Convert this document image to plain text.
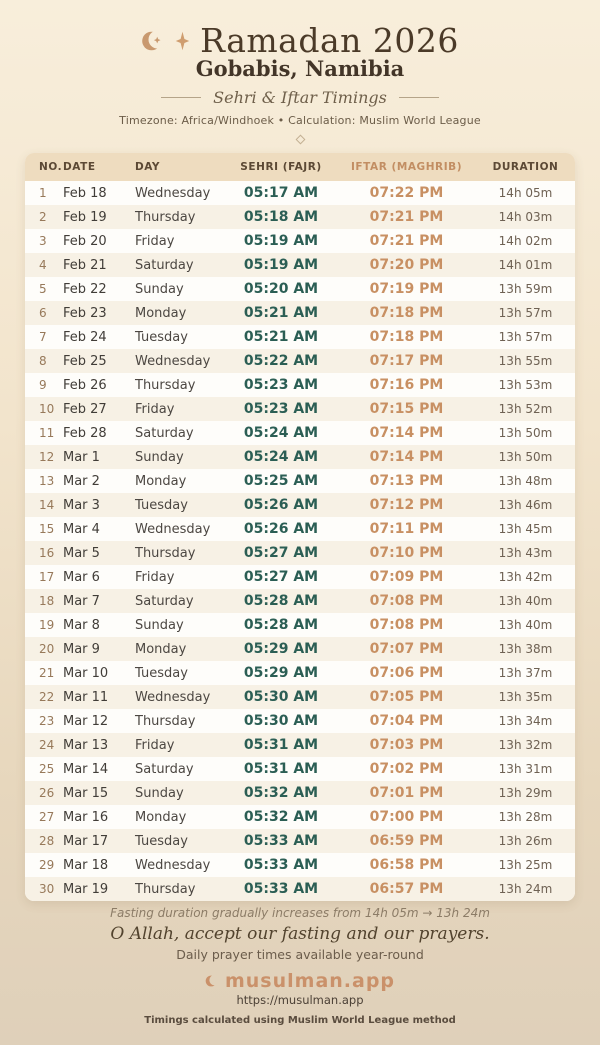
Ramadan 2026
Gobabis, Namibia
Sehri & Iftar Timings
Timezone: Africa/Windhoek • Calculation: Muslim World League
NO.	DATE	DAY	SEHRI (FAJR)	IFTAR (MAGHRIB)	DURATION
1	Feb 18	Wednesday	05:17 AM	07:22 PM	14h 05m
2	Feb 19	Thursday	05:18 AM	07:21 PM	14h 03m
3	Feb 20	Friday	05:19 AM	07:21 PM	14h 02m
4	Feb 21	Saturday	05:19 AM	07:20 PM	14h 01m
5	Feb 22	Sunday	05:20 AM	07:19 PM	13h 59m
6	Feb 23	Monday	05:21 AM	07:18 PM	13h 57m
7	Feb 24	Tuesday	05:21 AM	07:18 PM	13h 57m
8	Feb 25	Wednesday	05:22 AM	07:17 PM	13h 55m
9	Feb 26	Thursday	05:23 AM	07:16 PM	13h 53m
10	Feb 27	Friday	05:23 AM	07:15 PM	13h 52m
11	Feb 28	Saturday	05:24 AM	07:14 PM	13h 50m
12	Mar 1	Sunday	05:24 AM	07:14 PM	13h 50m
13	Mar 2	Monday	05:25 AM	07:13 PM	13h 48m
14	Mar 3	Tuesday	05:26 AM	07:12 PM	13h 46m
15	Mar 4	Wednesday	05:26 AM	07:11 PM	13h 45m
16	Mar 5	Thursday	05:27 AM	07:10 PM	13h 43m
17	Mar 6	Friday	05:27 AM	07:09 PM	13h 42m
18	Mar 7	Saturday	05:28 AM	07:08 PM	13h 40m
19	Mar 8	Sunday	05:28 AM	07:08 PM	13h 40m
20	Mar 9	Monday	05:29 AM	07:07 PM	13h 38m
21	Mar 10	Tuesday	05:29 AM	07:06 PM	13h 37m
22	Mar 11	Wednesday	05:30 AM	07:05 PM	13h 35m
23	Mar 12	Thursday	05:30 AM	07:04 PM	13h 34m
24	Mar 13	Friday	05:31 AM	07:03 PM	13h 32m
25	Mar 14	Saturday	05:31 AM	07:02 PM	13h 31m
26	Mar 15	Sunday	05:32 AM	07:01 PM	13h 29m
27	Mar 16	Monday	05:32 AM	07:00 PM	13h 28m
28	Mar 17	Tuesday	05:33 AM	06:59 PM	13h 26m
29	Mar 18	Wednesday	05:33 AM	06:58 PM	13h 25m
30	Mar 19	Thursday	05:33 AM	06:57 PM	13h 24m
Fasting duration gradually increases from 14h 05m → 13h 24m
O Allah, accept our fasting and our prayers.
Daily prayer times available year-round
musulman.app
https://musulman.app
Timings calculated using Muslim World League method
